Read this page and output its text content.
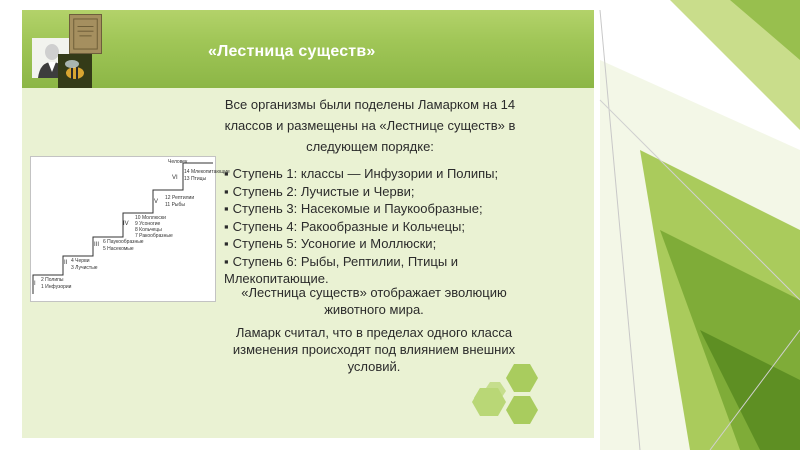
«Лестница существ»
Человек
I
2 Полипы
1 Инфузории
II 4 Черви
3 Лучистые
III 6 Паукообразные
5 Насекомые
IV
10 Моллюски
9 Усоногие
8 Кольчецы
7 Ракообразные
V
12 Рептилии
11 Рыбы
VI
14 Млекопитающие
13 Птицы
Все организмы были поделены Ламарком на 14 классов и размещены на «Лестнице существ» в следующем порядке:
▪ Ступень 1: классы — Инфузории и Полипы;
▪ Ступень 2: Лучистые и Черви;
▪ Ступень 3: Насекомые и Паукообразные;
▪ Ступень 4: Ракообразные и Кольчецы;
▪ Ступень 5: Усоногие и Моллюски;
▪ Ступень 6: Рыбы, Рептилии, Птицы и Млекопитающие.
«Лестница существ» отображает эволюцию животного мира.
Ламарк считал, что в пределах одного класса изменения происходят под влиянием внешних условий.
